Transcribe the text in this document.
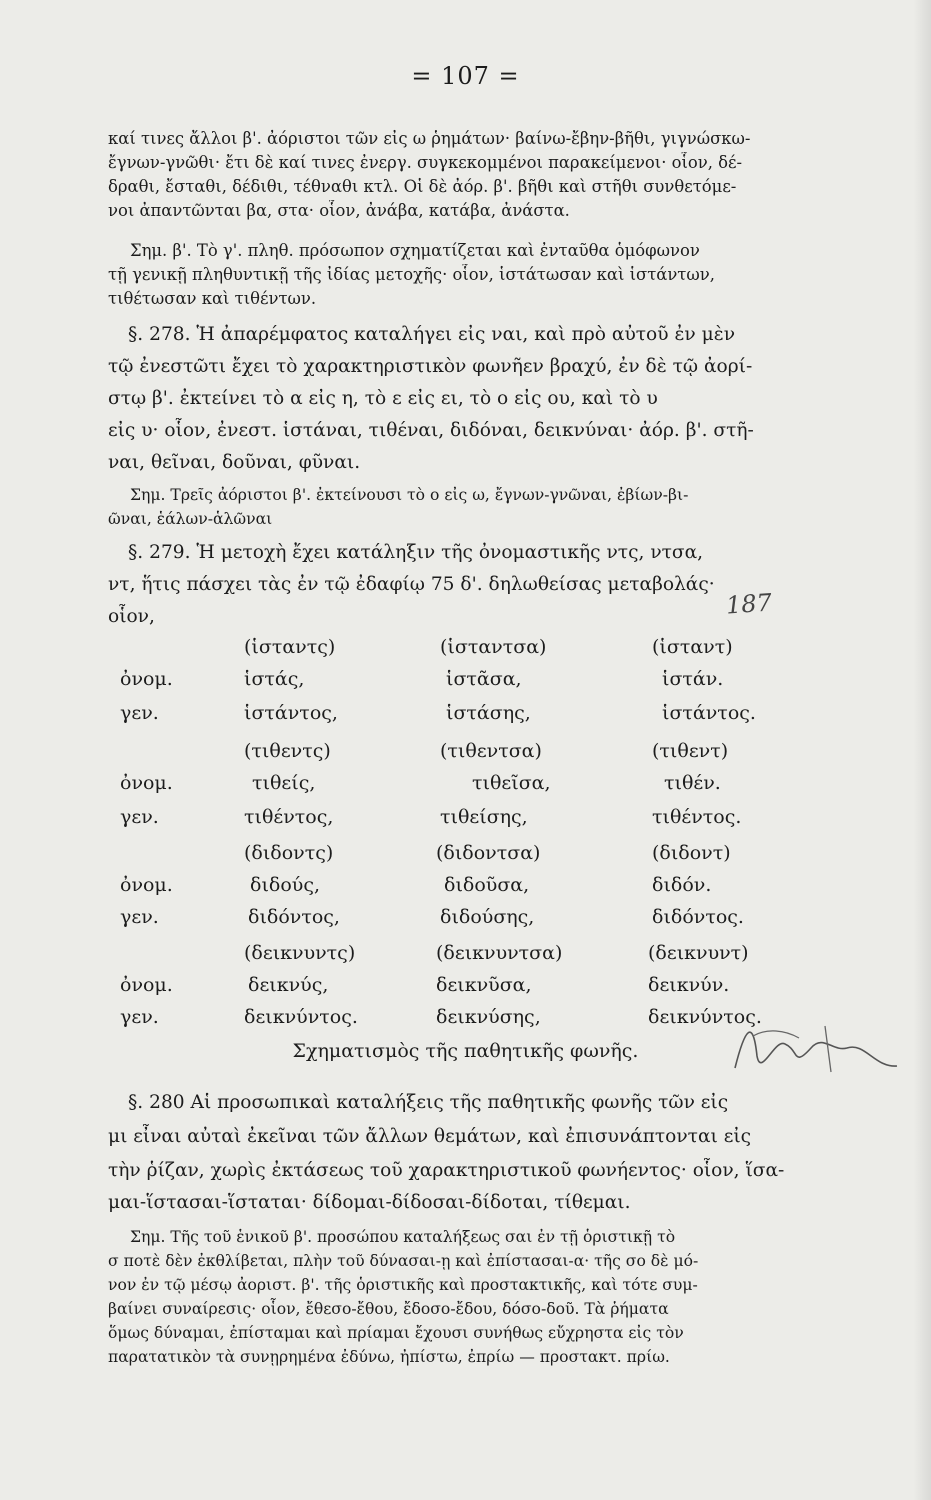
= 107 =
καί τινες ἄλλοι β'. ἀόριστοι τῶν εἰς ω ῥημάτων· βαίνω-ἔβην-βῆθι, γιγνώσκω-
ἔγνων-γνῶθι· ἔτι δὲ καί τινες ἐνεργ. συγκεκομμένοι παρακείμενοι· οἷον, δέ-
δραθι, ἔσταθι, δέδιθι, τέθναθι κτλ. Οἱ δὲ ἀόρ. β'. βῆθι καὶ στῆθι συνθετόμε-
νοι ἀπαντῶνται βα, στα· οἷον, ἀνάβα, κατάβα, ἀνάστα.
Σημ. β'. Τὸ γ'. πληθ. πρόσωπον σχηματίζεται καὶ ἐνταῦθα ὁμόφωνον
τῇ γενικῇ πληθυντικῇ τῆς ἰδίας μετοχῆς· οἷον, ἱστάτωσαν καὶ ἱστάντων,
τιθέτωσαν καὶ τιθέντων.
§. 278. Ἡ ἀπαρέμφατος καταλήγει εἰς ναι, καὶ πρὸ αὐτοῦ ἐν μὲν
τῷ ἐνεστῶτι ἔχει τὸ χαρακτηριστικὸν φωνῆεν βραχύ, ἐν δὲ τῷ ἀορί-
στῳ β'. ἐκτείνει τὸ α εἰς η, τὸ ε εἰς ει, τὸ ο εἰς ου, καὶ τὸ υ
εἰς υ· οἷον, ἐνεστ. ἱστάναι, τιθέναι, διδόναι, δεικνύναι· ἀόρ. β'. στῆ-
ναι, θεῖναι, δοῦναι, φῦναι.
Σημ. Τρεῖς ἀόριστοι β'. ἐκτείνουσι τὸ ο εἰς ω, ἔγνων-γνῶναι, ἐβίων-βι-
ῶναι, ἑάλων-ἁλῶναι
§. 279. Ἡ μετοχὴ ἔχει κατάληξιν τῆς ὀνομαστικῆς ντς, ντσα,
ντ, ἥτις πάσχει τὰς ἐν τῷ ἐδαφίῳ 75 δ'. δηλωθείσας μεταβολάς·
οἷον,	187
(ἱσταντς)	(ἱσταντσα)	(ἱσταντ)
ὀνομ.	ἱστάς,	ἱστᾶσα,	ἱστάν.
γεν.	ἱστάντος,	ἱστάσης,	ἱστάντος.
(τιθεντς)	(τιθεντσα)	(τιθεντ)
ὀνομ.	τιθείς,	τιθεῖσα,	τιθέν.
γεν.	τιθέντος,	τιθείσης,	τιθέντος.
(διδοντς)	(διδοντσα)	(διδοντ)
ὀνομ.	διδούς,	διδοῦσα,	διδόν.
γεν.	διδόντος,	διδούσης,	διδόντος.
(δεικνυντς)	(δεικνυντσα)	(δεικνυντ)
ὀνομ.	δεικνύς,	δεικνῦσα,	δεικνύν.
γεν.	δεικνύντος.	δεικνύσης,	δεικνύντος.
Σχηματισμὸς τῆς παθητικῆς φωνῆς.
§. 280 Αἱ προσωπικαὶ καταλήξεις τῆς παθητικῆς φωνῆς τῶν εἰς
μι εἶναι αὐταὶ ἐκεῖναι τῶν ἄλλων θεμάτων, καὶ ἐπισυνάπτονται εἰς
τὴν ῥίζαν, χωρὶς ἐκτάσεως τοῦ χαρακτηριστικοῦ φωνήεντος· οἷον, ἵσα-
μαι-ἵστασαι-ἵσταται· δίδομαι-δίδοσαι-δίδοται, τίθεμαι.
Σημ. Τῆς τοῦ ἑνικοῦ β'. προσώπου καταλήξεως σαι ἐν τῇ ὁριστικῇ τὸ
σ ποτὲ δὲν ἐκθλίβεται, πλὴν τοῦ δύνασαι-ῃ καὶ ἐπίστασαι-α· τῆς σο δὲ μό-
νον ἐν τῷ μέσῳ ἀοριστ. β'. τῆς ὁριστικῆς καὶ προστακτικῆς, καὶ τότε συμ-
βαίνει συναίρεσις· οἷον, ἔθεσο-ἔθου, ἔδοσο-ἔδου, δόσο-δοῦ. Τὰ ῥήματα
ὅμως δύναμαι, ἐπίσταμαι καὶ πρίαμαι ἔχουσι συνήθως εὔχρηστα εἰς τὸν
παρατατικὸν τὰ συνῃρημένα ἐδύνω, ἠπίστω, ἐπρίω — προστακτ. πρίω.
